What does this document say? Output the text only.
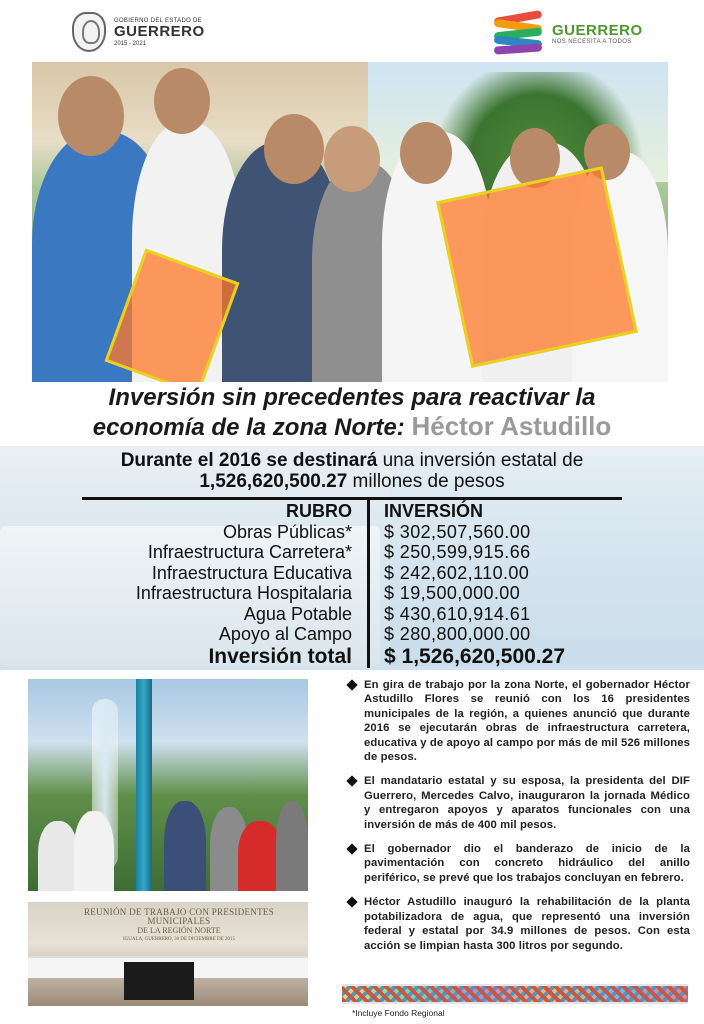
GOBIERNO DEL ESTADO DE
GUERRERO
2015 - 2021
GUERRERO
NOS NECESITA A TODOS
Inversión sin precedentes para reactivar la
economía de la zona Norte: Héctor Astudillo
Durante el 2016 se destinará una inversión estatal de
1,526,620,500.27 millones de pesos
RUBRO
Obras Públicas*
Infraestructura Carretera*
Infraestructura Educativa
Infraestructura Hospitalaria
Agua Potable
Apoyo al Campo
Inversión total
INVERSIÓN
$ 302,507,560.00
$ 250,599,915.66
$ 242,602,110.00
$ 19,500,000.00
$ 430,610,914.61
$ 280,800,000.00
$ 1,526,620,500.27
REUNIÓN DE TRABAJO CON PRESIDENTES MUNICIPALES
DE LA REGIÓN NORTE
IGUALA, GUERRERO, 30 DE DICIEMBRE DE 2015
En gira de trabajo por la zona Norte, el gobernador Héctor Astudillo Flores se reunió con los 16 presidentes municipales de la región, a quienes anunció que durante 2016 se ejecutarán obras de infraestructura carretera, educativa y de apoyo al campo por más de mil 526 millones de pesos.
El mandatario estatal y su esposa, la presidenta del DIF Guerrero, Mercedes Calvo, inauguraron la jornada Médico y entregaron apoyos y aparatos funcionales con una inversión de más de 400 mil pesos.
El gobernador dio el banderazo de inicio de la pavimentación con concreto hidráulico del anillo periférico, se prevé que los trabajos concluyan en febrero.
Héctor Astudillo inauguró la rehabilitación de la planta potabilizadora de agua, que representó una inversión federal y estatal por 34.9 millones de pesos. Con esta acción se limpian hasta 300 litros por segundo.
*Incluye Fondo Regional
